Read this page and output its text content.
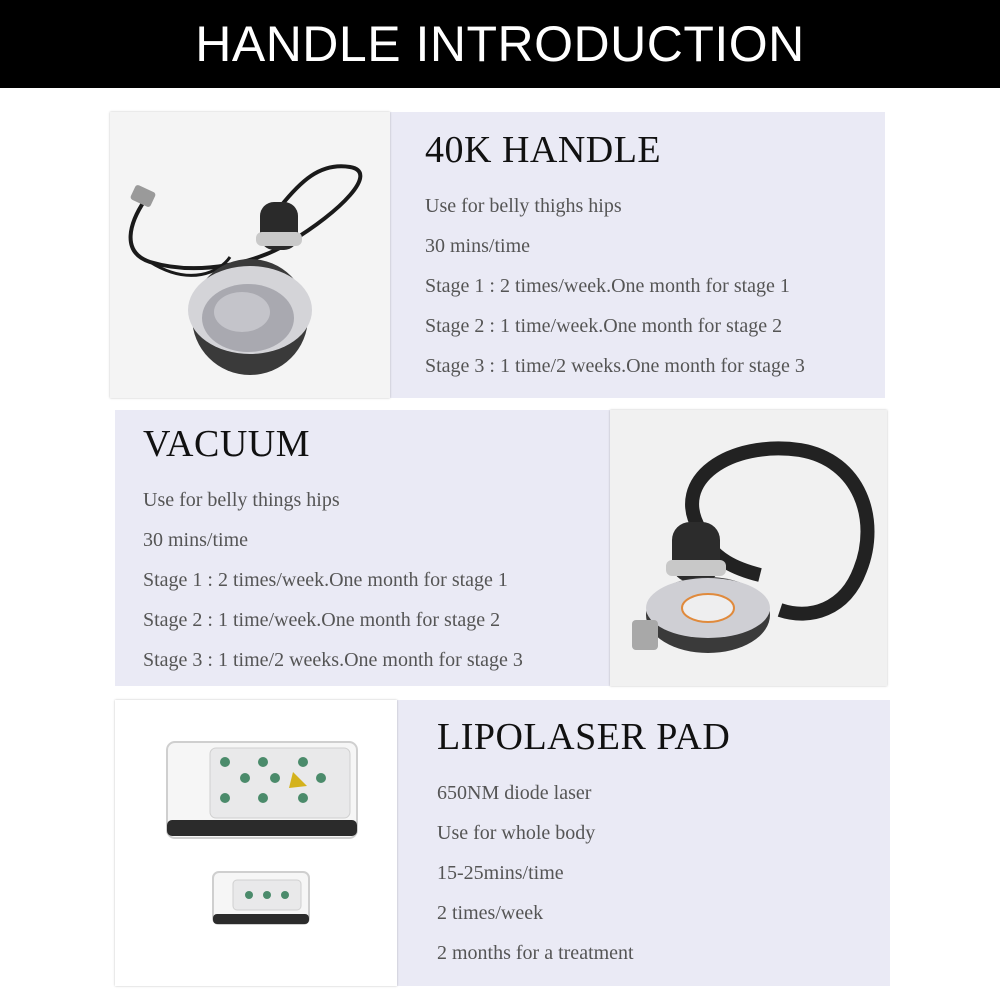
HANDLE INTRODUCTION
40K HANDLE
Use for belly thighs hips
30 mins/time
Stage 1 : 2 times/week.One month for stage 1
Stage 2 : 1 time/week.One month for stage 2
Stage 3 : 1 time/2 weeks.One month for stage 3
VACUUM
Use for belly things hips
30 mins/time
Stage 1 : 2 times/week.One month for stage 1
Stage 2 : 1 time/week.One month for stage 2
Stage 3 : 1 time/2 weeks.One month for stage 3
LIPOLASER PAD
650NM diode laser
Use for whole body
15-25mins/time
2 times/week
2 months for a treatment
